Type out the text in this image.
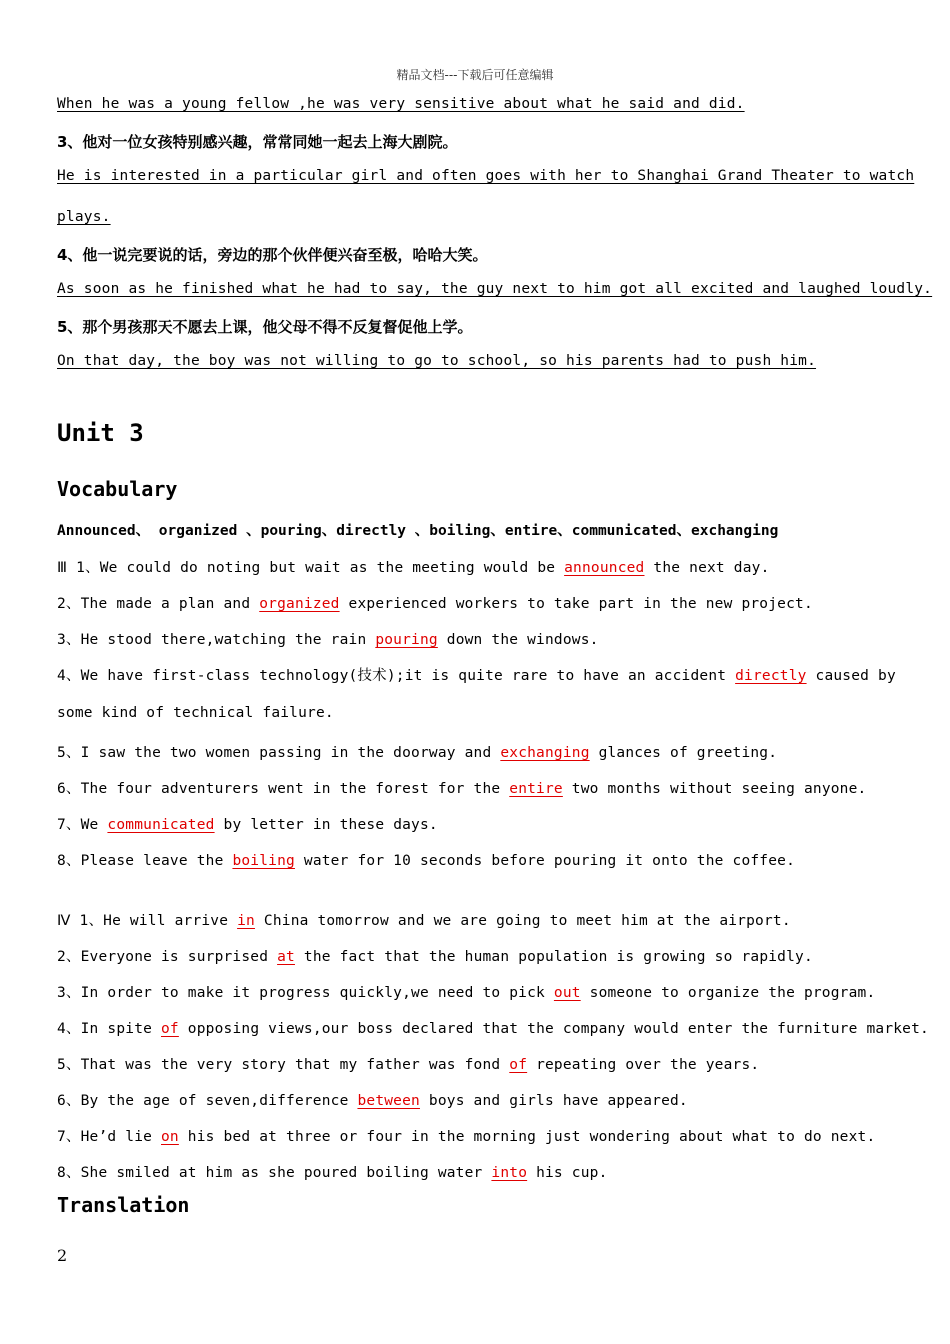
精品文档---下载后可任意编辑
When he was a young fellow ,he was very sensitive about what he said and did.
3、他对一位女孩特别感兴趣，常常同她一起去上海大剧院。
He is interested in a particular girl and often goes with her to Shanghai Grand Theater to watch
plays.
4、他一说完要说的话，旁边的那个伙伴便兴奋至极，哈哈大笑。
As soon as he finished what he had to say, the guy next to him got all excited and laughed loudly.
5、那个男孩那天不愿去上课，他父母不得不反复督促他上学。
On that day, the boy was not willing to go to school, so his parents had to push him.
Unit 3
Vocabulary
Announced、 organized 、pouring、directly 、boiling、entire、communicated、exchanging
Ⅲ 1、We could do noting but wait as the meeting would be announced the next day.
2、The made a plan and organized experienced workers to take part in the new project.
3、He stood there,watching the rain pouring down the windows.
4、We have first-class technology(技术);it is quite rare to have an accident directly caused by
some kind of technical failure.
5、I saw the two women passing in the doorway and exchanging glances of greeting.
6、The four adventurers went in the forest for the entire two months without seeing anyone.
7、We communicated by letter in these days.
8、Please leave the boiling water for 10 seconds before pouring it onto the coffee.
Ⅳ 1、He will arrive in China tomorrow and we are going to meet him at the airport.
2、Everyone is surprised at the fact that the human population is growing so rapidly.
3、In order to make it progress quickly,we need to pick out someone to organize the program.
4、In spite of opposing views,our boss declared that the company would enter the furniture market.
5、That was the very story that my father was fond of repeating over the years.
6、By the age of seven,difference between boys and girls have appeared.
7、He’d lie on his bed at three or four in the morning just wondering about what to do next.
8、She smiled at him as she poured boiling water into his cup.
Translation
2
